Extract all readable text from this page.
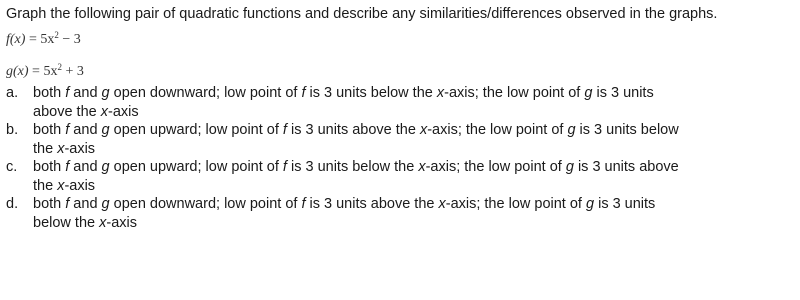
Graph the following pair of quadratic functions and describe any similarities/differences observed in the graphs.

$f(x) = 5x^2 - 3$
$g(x) = 5x^2 + 3$
a. both f and g open downward; low point of f is 3 units below the x-axis; the low point of g is 3 units above the x-axis
b. both f and g open upward; low point of f is 3 units above the x-axis; the low point of g is 3 units below the x-axis
c. both f and g open upward; low point of f is 3 units below the x-axis; the low point of g is 3 units above the x-axis
d. both f and g open downward; low point of f is 3 units above the x-axis; the low point of g is 3 units below the x-axis
